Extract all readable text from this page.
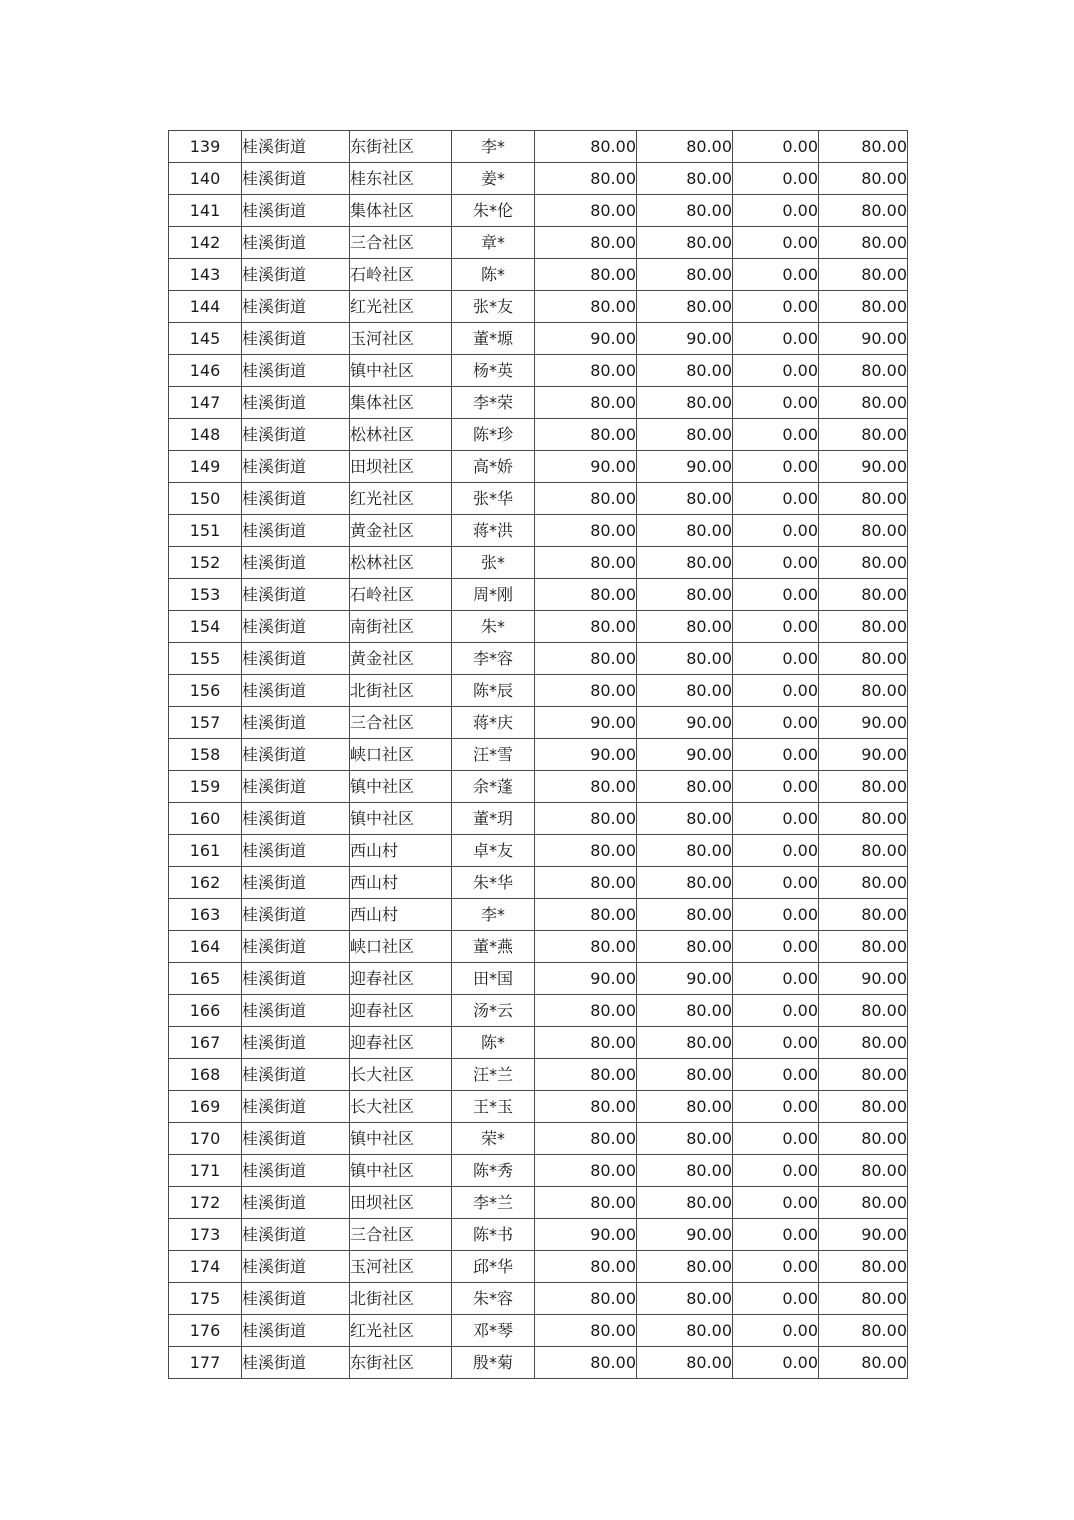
139	桂溪街道	东街社区	李*	80.00	80.00	0.00	80.00
140	桂溪街道	桂东社区	姜*	80.00	80.00	0.00	80.00
141	桂溪街道	集体社区	朱*伦	80.00	80.00	0.00	80.00
142	桂溪街道	三合社区	章*	80.00	80.00	0.00	80.00
143	桂溪街道	石岭社区	陈*	80.00	80.00	0.00	80.00
144	桂溪街道	红光社区	张*友	80.00	80.00	0.00	80.00
145	桂溪街道	玉河社区	董*塬	90.00	90.00	0.00	90.00
146	桂溪街道	镇中社区	杨*英	80.00	80.00	0.00	80.00
147	桂溪街道	集体社区	李*荣	80.00	80.00	0.00	80.00
148	桂溪街道	松林社区	陈*珍	80.00	80.00	0.00	80.00
149	桂溪街道	田坝社区	高*娇	90.00	90.00	0.00	90.00
150	桂溪街道	红光社区	张*华	80.00	80.00	0.00	80.00
151	桂溪街道	黄金社区	蒋*洪	80.00	80.00	0.00	80.00
152	桂溪街道	松林社区	张*	80.00	80.00	0.00	80.00
153	桂溪街道	石岭社区	周*刚	80.00	80.00	0.00	80.00
154	桂溪街道	南街社区	朱*	80.00	80.00	0.00	80.00
155	桂溪街道	黄金社区	李*容	80.00	80.00	0.00	80.00
156	桂溪街道	北街社区	陈*辰	80.00	80.00	0.00	80.00
157	桂溪街道	三合社区	蒋*庆	90.00	90.00	0.00	90.00
158	桂溪街道	峡口社区	汪*雪	90.00	90.00	0.00	90.00
159	桂溪街道	镇中社区	余*蓬	80.00	80.00	0.00	80.00
160	桂溪街道	镇中社区	董*玥	80.00	80.00	0.00	80.00
161	桂溪街道	西山村	卓*友	80.00	80.00	0.00	80.00
162	桂溪街道	西山村	朱*华	80.00	80.00	0.00	80.00
163	桂溪街道	西山村	李*	80.00	80.00	0.00	80.00
164	桂溪街道	峡口社区	董*燕	80.00	80.00	0.00	80.00
165	桂溪街道	迎春社区	田*国	90.00	90.00	0.00	90.00
166	桂溪街道	迎春社区	汤*云	80.00	80.00	0.00	80.00
167	桂溪街道	迎春社区	陈*	80.00	80.00	0.00	80.00
168	桂溪街道	长大社区	汪*兰	80.00	80.00	0.00	80.00
169	桂溪街道	长大社区	王*玉	80.00	80.00	0.00	80.00
170	桂溪街道	镇中社区	荣*	80.00	80.00	0.00	80.00
171	桂溪街道	镇中社区	陈*秀	80.00	80.00	0.00	80.00
172	桂溪街道	田坝社区	李*兰	80.00	80.00	0.00	80.00
173	桂溪街道	三合社区	陈*书	90.00	90.00	0.00	90.00
174	桂溪街道	玉河社区	邱*华	80.00	80.00	0.00	80.00
175	桂溪街道	北街社区	朱*容	80.00	80.00	0.00	80.00
176	桂溪街道	红光社区	邓*琴	80.00	80.00	0.00	80.00
177	桂溪街道	东街社区	殷*菊	80.00	80.00	0.00	80.00
